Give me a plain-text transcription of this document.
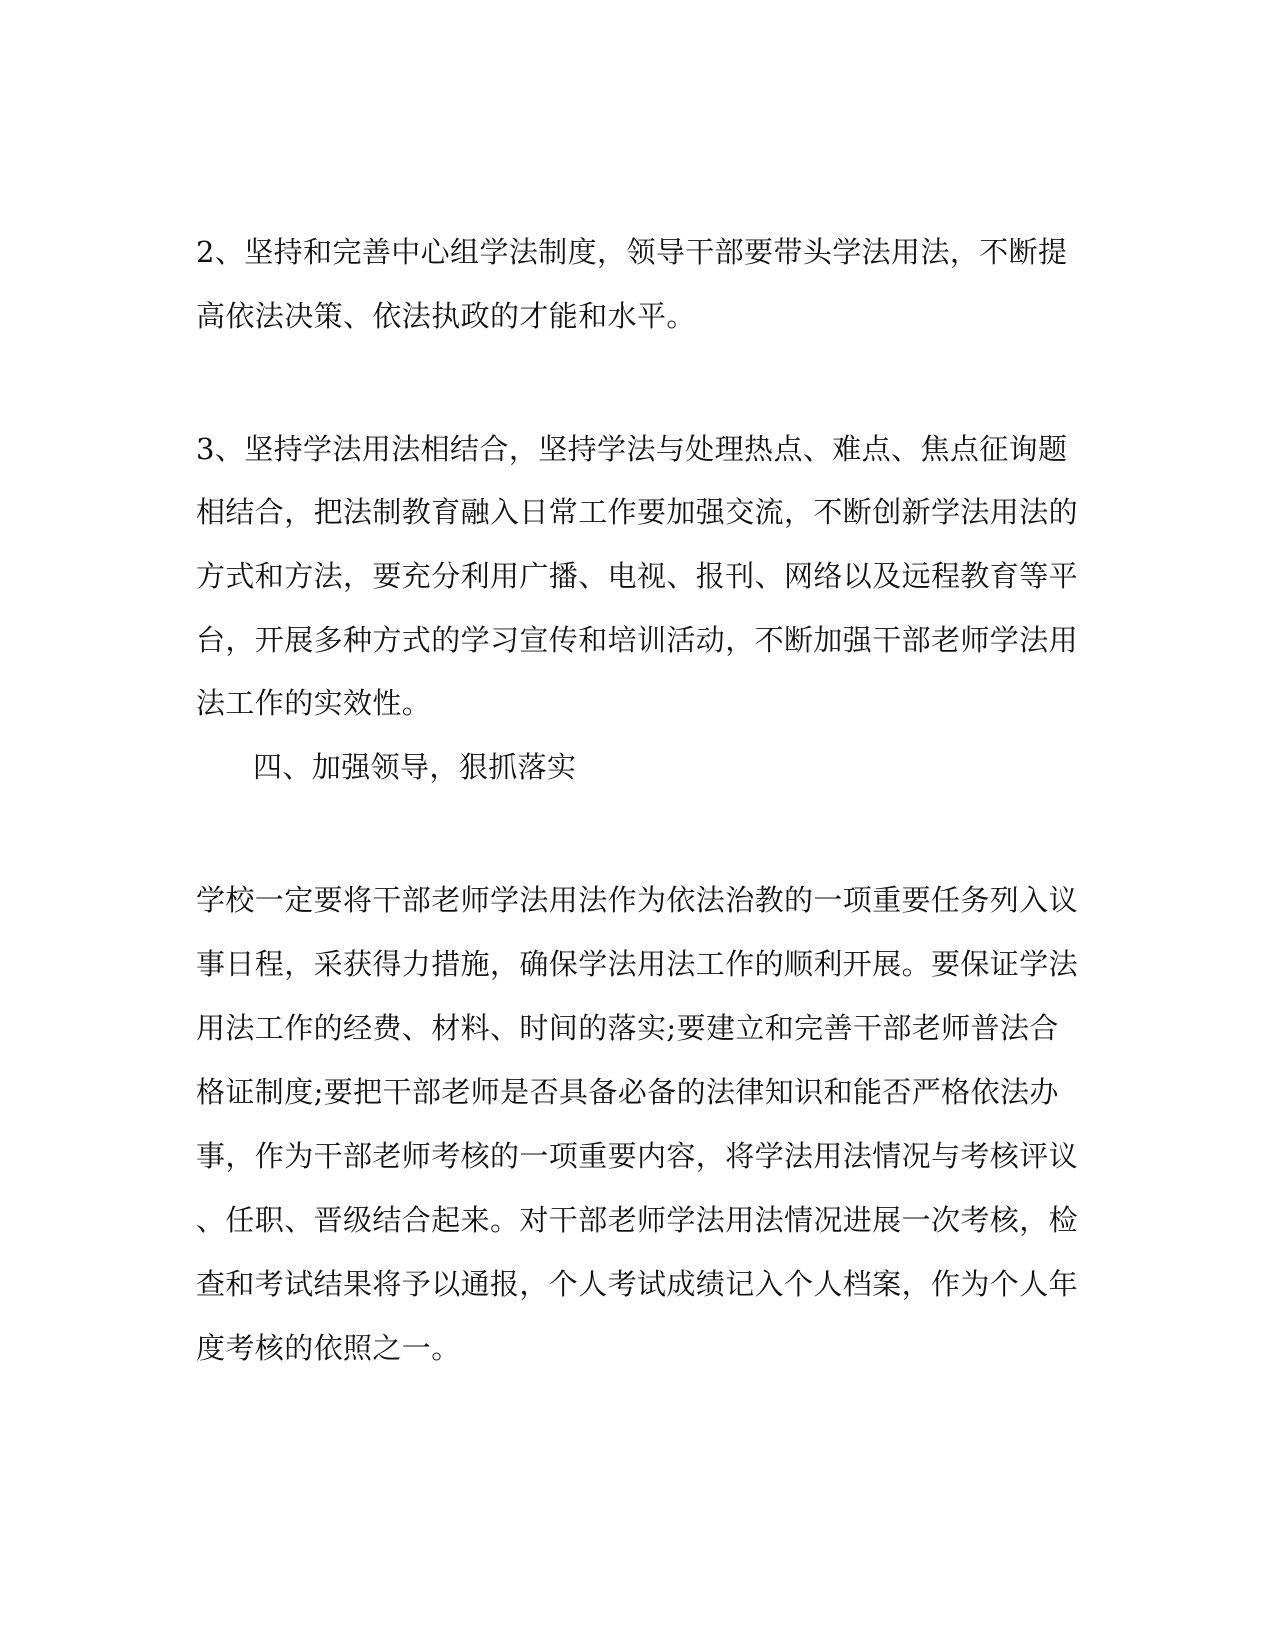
2、坚持和完善中心组学法制度，领导干部要带头学法用法，不断提
高依法决策、依法执政的才能和水平。
3、坚持学法用法相结合，坚持学法与处理热点、难点、焦点征询题
相结合，把法制教育融入日常工作要加强交流，不断创新学法用法的
方式和方法，要充分利用广播、电视、报刊、网络以及远程教育等平
台，开展多种方式的学习宣传和培训活动，不断加强干部老师学法用
法工作的实效性。
四、加强领导，狠抓落实
学校一定要将干部老师学法用法作为依法治教的一项重要任务列入议
事日程，采获得力措施，确保学法用法工作的顺利开展。要保证学法
用法工作的经费、材料、时间的落实;要建立和完善干部老师普法合
格证制度;要把干部老师是否具备必备的法律知识和能否严格依法办
事，作为干部老师考核的一项重要内容，将学法用法情况与考核评议
、任职、晋级结合起来。对干部老师学法用法情况进展一次考核，检
查和考试结果将予以通报，个人考试成绩记入个人档案，作为个人年
度考核的依照之一。
